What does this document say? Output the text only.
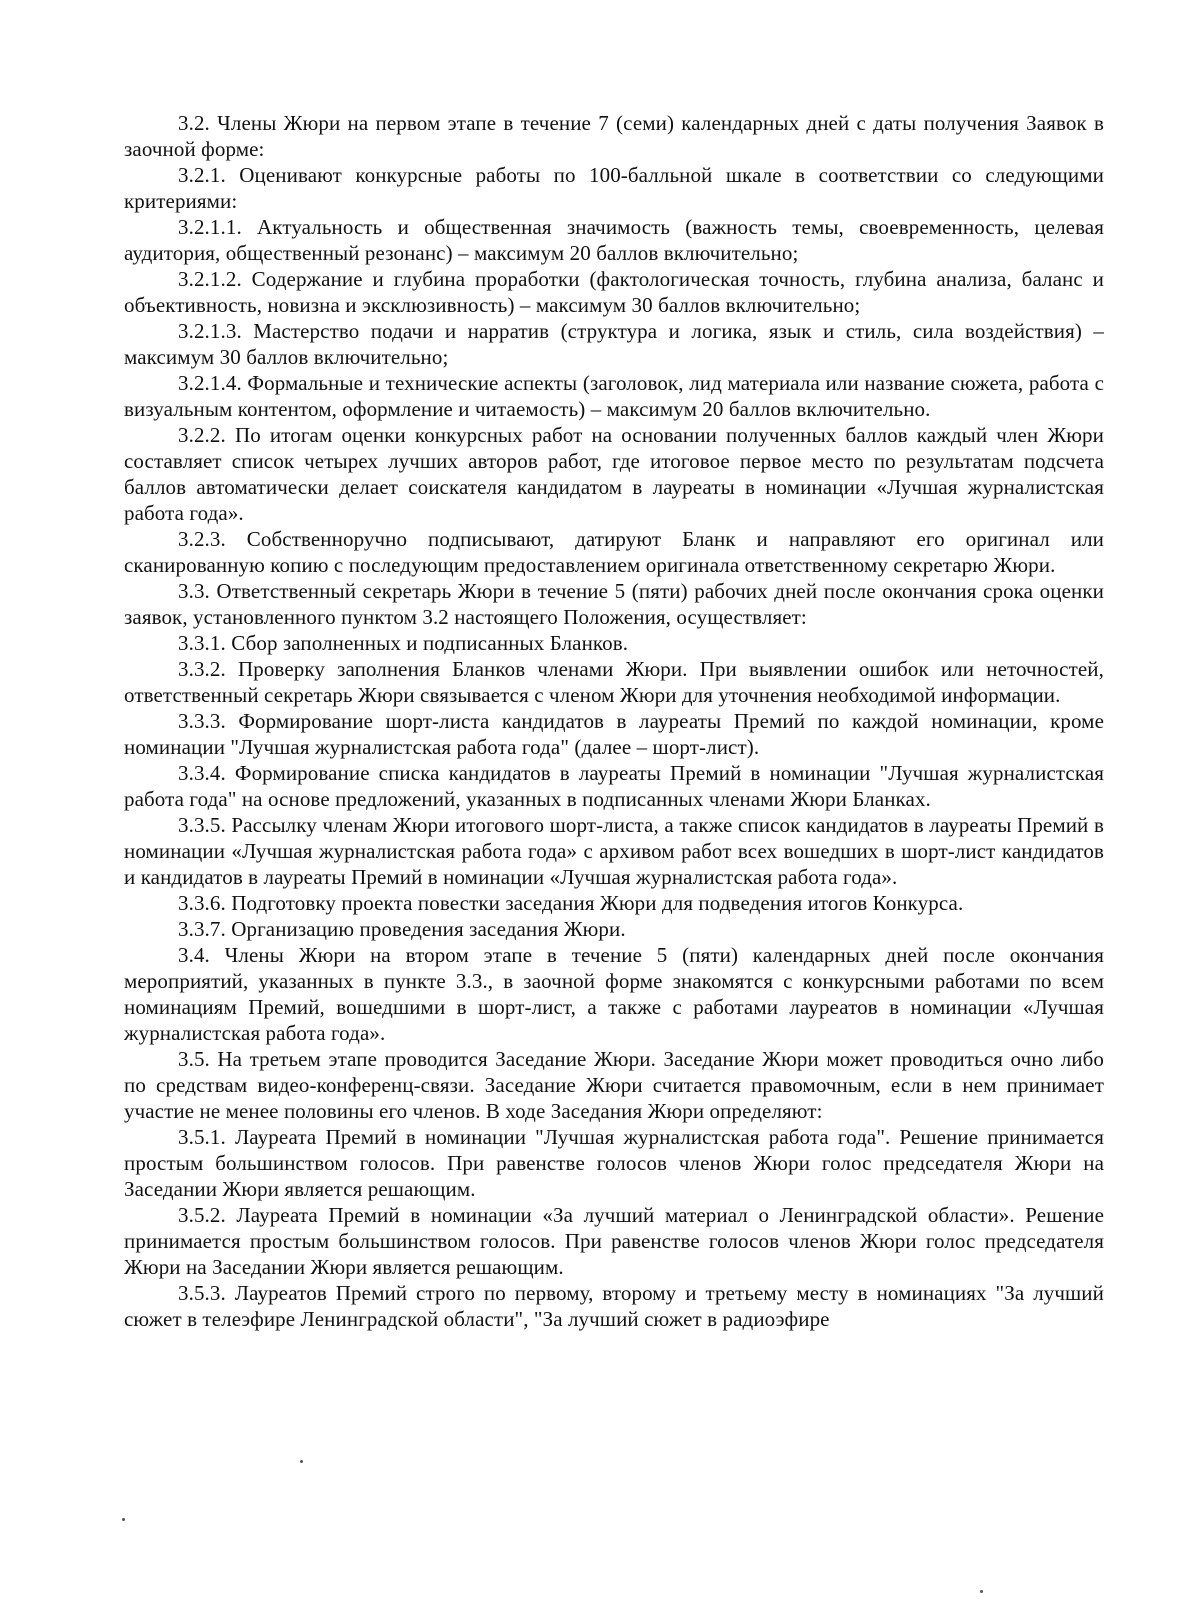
3.2. Члены Жюри на первом этапе в течение 7 (семи) календарных дней с даты получения Заявок в заочной форме:

3.2.1. Оценивают конкурсные работы по 100-балльной шкале в соответствии со следующими критериями:

3.2.1.1. Актуальность и общественная значимость (важность темы, своевременность, целевая аудитория, общественный резонанс) – максимум 20 баллов включительно;

3.2.1.2. Содержание и глубина проработки (фактологическая точность, глубина анализа, баланс и объективность, новизна и эксклюзивность) – максимум 30 баллов включительно;

3.2.1.3. Мастерство подачи и нарратив (структура и логика, язык и стиль, сила воздействия) – максимум 30 баллов включительно;

3.2.1.4. Формальные и технические аспекты (заголовок, лид материала или название сюжета, работа с визуальным контентом, оформление и читаемость) – максимум 20 баллов включительно.

3.2.2. По итогам оценки конкурсных работ на основании полученных баллов каждый член Жюри составляет список четырех лучших авторов работ, где итоговое первое место по результатам подсчета баллов автоматически делает соискателя кандидатом в лауреаты в номинации «Лучшая журналистская работа года».

3.2.3. Собственноручно подписывают, датируют Бланк и направляют его оригинал или сканированную копию с последующим предоставлением оригинала ответственному секретарю Жюри.

3.3. Ответственный секретарь Жюри в течение 5 (пяти) рабочих дней после окончания срока оценки заявок, установленного пунктом 3.2 настоящего Положения, осуществляет:

3.3.1. Сбор заполненных и подписанных Бланков.

3.3.2. Проверку заполнения Бланков членами Жюри. При выявлении ошибок или неточностей, ответственный секретарь Жюри связывается с членом Жюри для уточнения необходимой информации.

3.3.3. Формирование шорт-листа кандидатов в лауреаты Премий по каждой номинации, кроме номинации "Лучшая журналистская работа года" (далее – шорт-лист).

3.3.4. Формирование списка кандидатов в лауреаты Премий в номинации "Лучшая журналистская работа года" на основе предложений, указанных в подписанных членами Жюри Бланках.

3.3.5. Рассылку членам Жюри итогового шорт-листа, а также список кандидатов в лауреаты Премий в номинации «Лучшая журналистская работа года» с архивом работ всех вошедших в шорт-лист кандидатов и кандидатов в лауреаты Премий в номинации «Лучшая журналистская работа года».

3.3.6. Подготовку проекта повестки заседания Жюри для подведения итогов Конкурса.

3.3.7. Организацию проведения заседания Жюри.

3.4. Члены Жюри на втором этапе в течение 5 (пяти) календарных дней после окончания мероприятий, указанных в пункте 3.3., в заочной форме знакомятся с конкурсными работами по всем номинациям Премий, вошедшими в шорт-лист, а также с работами лауреатов в номинации «Лучшая журналистская работа года».

3.5. На третьем этапе проводится Заседание Жюри. Заседание Жюри может проводиться очно либо по средствам видео-конференц-связи. Заседание Жюри считается правомочным, если в нем принимает участие не менее половины его членов. В ходе Заседания Жюри определяют:

3.5.1. Лауреата Премий в номинации "Лучшая журналистская работа года". Решение принимается простым большинством голосов. При равенстве голосов членов Жюри голос председателя Жюри на Заседании Жюри является решающим.

3.5.2. Лауреата Премий в номинации «За лучший материал о Ленинградской области». Решение принимается простым большинством голосов. При равенстве голосов членов Жюри голос председателя Жюри на Заседании Жюри является решающим.

3.5.3. Лауреатов Премий строго по первому, второму и третьему месту в номинациях "За лучший сюжет в телеэфире Ленинградской области", "За лучший сюжет в радиоэфире
